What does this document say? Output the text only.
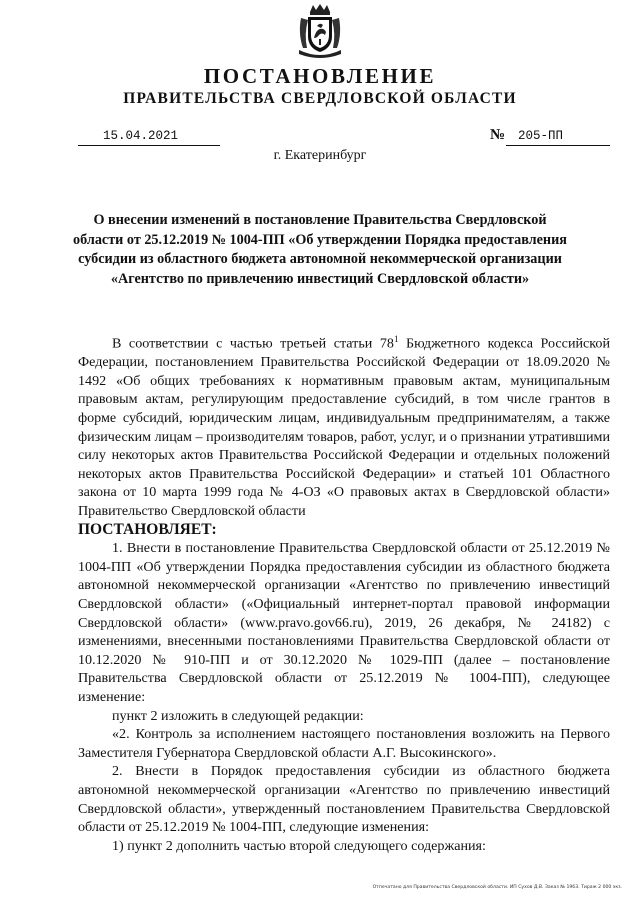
ПОСТАНОВЛЕНИЕ
ПРАВИТЕЛЬСТВА СВЕРДЛОВСКОЙ ОБЛАСТИ
15.04.2021	№	205-ПП
г. Екатеринбург
О внесении изменений в постановление Правительства Свердловской области от 25.12.2019 № 1004-ПП «Об утверждении Порядка предоставления субсидии из областного бюджета автономной некоммерческой организации «Агентство по привлечению инвестиций Свердловской области»

В соответствии с частью третьей статьи $78^1$ Бюджетного кодекса Российской Федерации, постановлением Правительства Российской Федерации от 18.09.2020 № 1492 «Об общих требованиях к нормативным правовым актам, муниципальным правовым актам, регулирующим предоставление субсидий, в том числе грантов в форме субсидий, юридическим лицам, индивидуальным предпринимателям, а также физическим лицам – производителям товаров, работ, услуг, и о признании утратившими силу некоторых актов Правительства Российской Федерации и отдельных положений некоторых актов Правительства Российской Федерации» и статьей 101 Областного закона от 10 марта 1999 года № 4-ОЗ «О правовых актах в Свердловской области» Правительство Свердловской области

ПОСТАНОВЛЯЕТ:

1. Внести в постановление Правительства Свердловской области от 25.12.2019 № 1004-ПП «Об утверждении Порядка предоставления субсидии из областного бюджета автономной некоммерческой организации «Агентство по привлечению инвестиций Свердловской области» («Официальный интернет-портал правовой информации Свердловской области» (www.pravo.gov66.ru), 2019, 26 декабря, № 24182) с изменениями, внесенными постановлениями Правительства Свердловской области от 10.12.2020 № 910-ПП и от 30.12.2020 № 1029-ПП (далее – постановление Правительства Свердловской области от 25.12.2019 № 1004-ПП), следующее изменение:

пункт 2 изложить в следующей редакции:

«2. Контроль за исполнением настоящего постановления возложить на Первого Заместителя Губернатора Свердловской области А.Г. Высокинского».

2. Внести в Порядок предоставления субсидии из областного бюджета автономной некоммерческой организации «Агентство по привлечению инвестиций Свердловской области», утвержденный постановлением Правительства Свердловской области от 25.12.2019 № 1004-ПП, следующие изменения:

1) пункт 2 дополнить частью второй следующего содержания:

Отпечатано для Правительства Свердловской области. ИП Сухов Д.В. Заказ № 1963. Тираж 2 000 экз.
